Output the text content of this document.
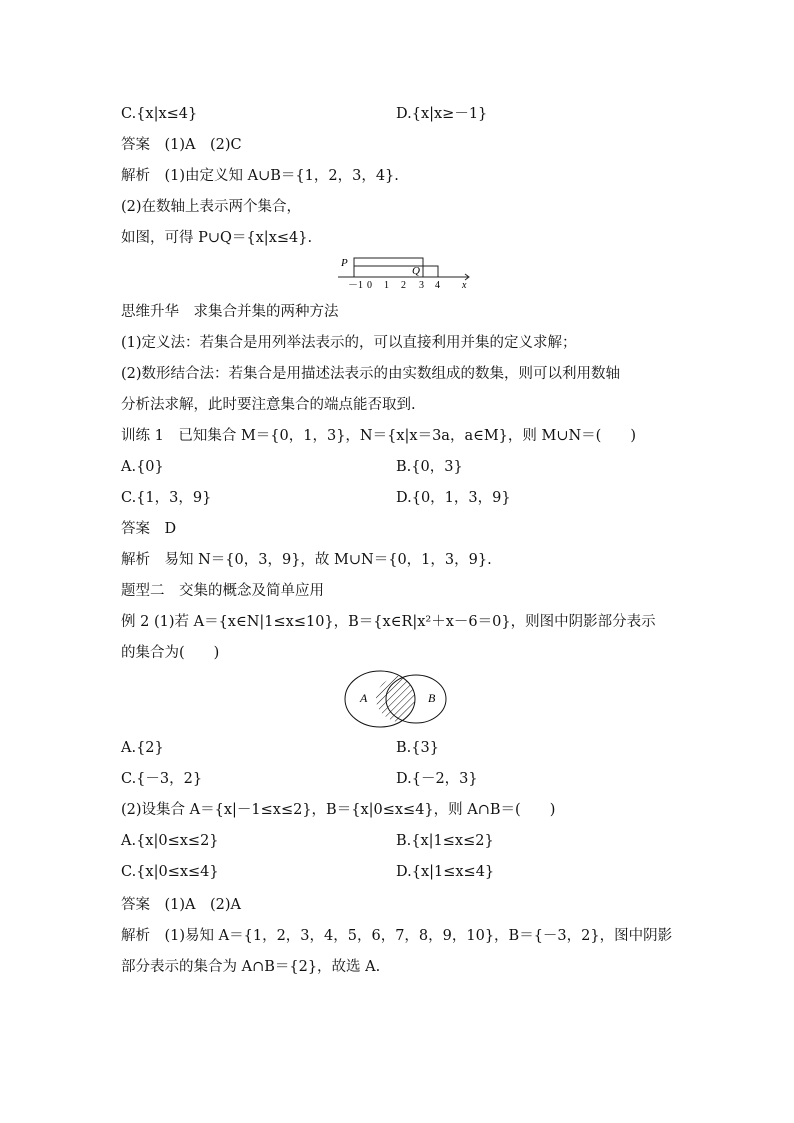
C.{x|x≤4}	D.{x|x≥－1}
答案　(1)A　(2)C
解析　(1)由定义知 A∪B＝{1，2，3，4}.
(2)在数轴上表示两个集合，
如图，可得 P∪Q＝{x|x≤4}.
P
Q
－1 0 1 2 3 4 x
思维升华　求集合并集的两种方法
(1)定义法：若集合是用列举法表示的，可以直接利用并集的定义求解；
(2)数形结合法：若集合是用描述法表示的由实数组成的数集，则可以利用数轴
分析法求解，此时要注意集合的端点能否取到.
训练 1　已知集合 M＝{0，1，3}，N＝{x|x＝3a，a∈M}，则 M∪N＝(　　)
A.{0}	B.{0，3}
C.{1，3，9}	D.{0，1，3，9}
答案　D
解析　易知 N＝{0，3，9}，故 M∪N＝{0，1，3，9}.
题型二　交集的概念及简单应用
例 2 (1)若 A＝{x∈N|1≤x≤10}，B＝{x∈R|x²＋x－6＝0}，则图中阴影部分表示
的集合为(　　)
A	B
A.{2}	B.{3}
C.{－3，2}	D.{－2，3}
(2)设集合 A＝{x|－1≤x≤2}，B＝{x|0≤x≤4}，则 A∩B＝(　　)
A.{x|0≤x≤2}	B.{x|1≤x≤2}
C.{x|0≤x≤4}	D.{x|1≤x≤4}
答案　(1)A　(2)A
解析　(1)易知 A＝{1，2，3，4，5，6，7，8，9，10}，B＝{－3，2}，图中阴影
部分表示的集合为 A∩B＝{2}，故选 A.
